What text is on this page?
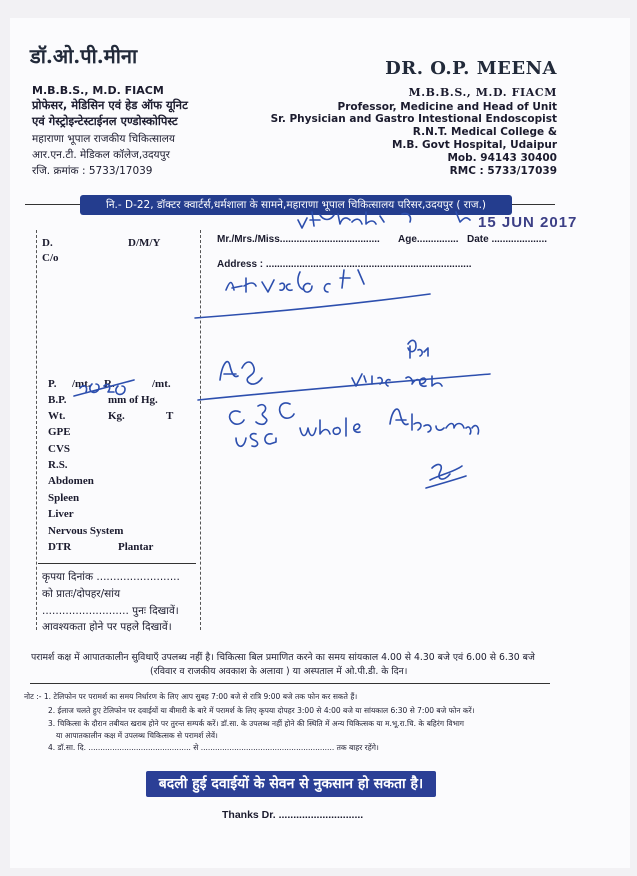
डॉ.ओ.पी.मीना
M.B.B.S., M.D. FIACM
प्रोफेसर, मेडिसिन एवं हेड ऑफ यूनिट
एवं गेस्ट्रोइन्टेस्टाईनल एण्डोस्कोपिस्ट
महाराणा भूपाल राजकीय चिकित्सालय
आर.एन.टी. मेडिकल कॉलेज,उदयपुर
रजि. क्रमांक : 5733/17039
DR. O.P. MEENA
M.B.B.S., M.D. FIACM
Professor, Medicine and Head of Unit
Sr. Physician and Gastro Intestional Endoscopist
R.N.T. Medical College &
M.B. Govt Hospital, Udaipur
Mob. 94143 30400
RMC : 5733/17039
नि.- D-22, डॉक्टर क्वार्टर्स,धर्मशाला के सामने,महाराणा भूपाल चिकित्सालय परिसर,उदयपुर ( राज.)
Mr./Mrs./Miss.................................... Age............... Date ....................
Address : ..........................................................................
15 JUN 2017
D.	D/M/Y
C/o
P. /mt. R.	/mt.
B.P.	mm of Hg.
Wt.	Kg.	T
GPE
CVS
R.S.
Abdomen
Spleen
Liver
Nervous System
DTR	Plantar
कृपया दिनांक .........................
को प्रातः/दोपहर/सांय
.......................... पुनः दिखावें।
आवश्यकता होने पर पहले दिखावें।
परामर्श कक्ष में आपातकालीन सुविधाएँ उपलब्ध नहीं है। चिकित्सा बिल प्रमाणित करने का समय सांयकाल 4.00 से 4.30 बजे एवं 6.00 से 6.30 बजे
(रविवार व राजकीय अवकाश के अलावा ) या अस्पताल में ओ.पी.डी. के दिन।
नोट :- 1. टेलिफोन पर परामर्श का समय निर्धारण के लिए आप सुबह 7:00 बजे से रात्रि 9:00 बजे तक फोन कर सकते हैं।
2. ईलाज चलते हुए टेलिफोन पर दवाईयों या बीमारी के बारे में परामर्श के लिए कृपया दोपहर 3:00 से 4:00 बजे या सांयकाल 6:30 से 7:00 बजे फोन करें।
3. चिकित्सा के दौरान तबीयत खराब होने पर तुरन्त सम्पर्क करें। डॉ.सा. के उपलब्ध नहीं होने की स्थिति में अन्य चिकित्सक या म.भू.रा.चि. के बहिरंग विभाग
या आपातकालीन कक्ष में उपलब्ध चिकित्सक से परामर्श लेवें।
4. डॉ.सा. दि. ........................................... से ........................................................ तक बाहर रहेंगे।
बदली हुई दवाईयों के सेवन से नुकसान हो सकता है।
Thanks Dr. .............................
